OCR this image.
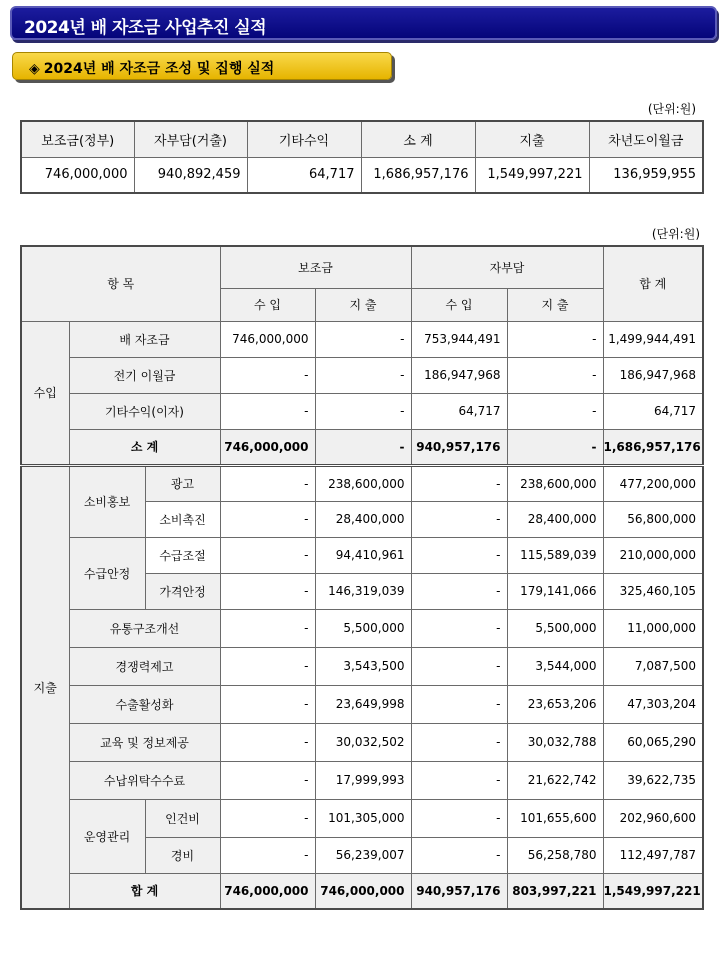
2024년 배 자조금 사업추진 실적
◈ 2024년 배 자조금 조성 및 집행 실적
(단위:원)
보조금(정부)	자부담(거출)	기타수익	소 계	지출	차년도이월금
746,000,000	940,892,459	64,717	1,686,957,176	1,549,997,221	136,959,955
(단위:원)
항 목			보조금		자부담		합 계
			수 입	지 출	수 입	지 출	
수입	배 자조금		746,000,000	-	753,944,491	-	1,499,944,491
	전기 이월금		-	-	186,947,968	-	186,947,968
	기타수익(이자)		-	-	64,717	-	64,717
	소 계		746,000,000	-	940,957,176	-	1,686,957,176
지출	소비홍보	광고	-	238,600,000	-	238,600,000	477,200,000
		소비촉진	-	28,400,000	-	28,400,000	56,800,000
	수급안정	수급조절	-	94,410,961	-	115,589,039	210,000,000
		가격안정	-	146,319,039	-	179,141,066	325,460,105
	유통구조개선		-	5,500,000	-	5,500,000	11,000,000
	경쟁력제고		-	3,543,500	-	3,544,000	7,087,500
	수출활성화		-	23,649,998	-	23,653,206	47,303,204
	교육 및 정보제공		-	30,032,502	-	30,032,788	60,065,290
	수납위탁수수료		-	17,999,993	-	21,622,742	39,622,735
	운영관리	인건비	-	101,305,000	-	101,655,600	202,960,600
		경비	-	56,239,007	-	56,258,780	112,497,787
	합 계		746,000,000	746,000,000	940,957,176	803,997,221	1,549,997,221
